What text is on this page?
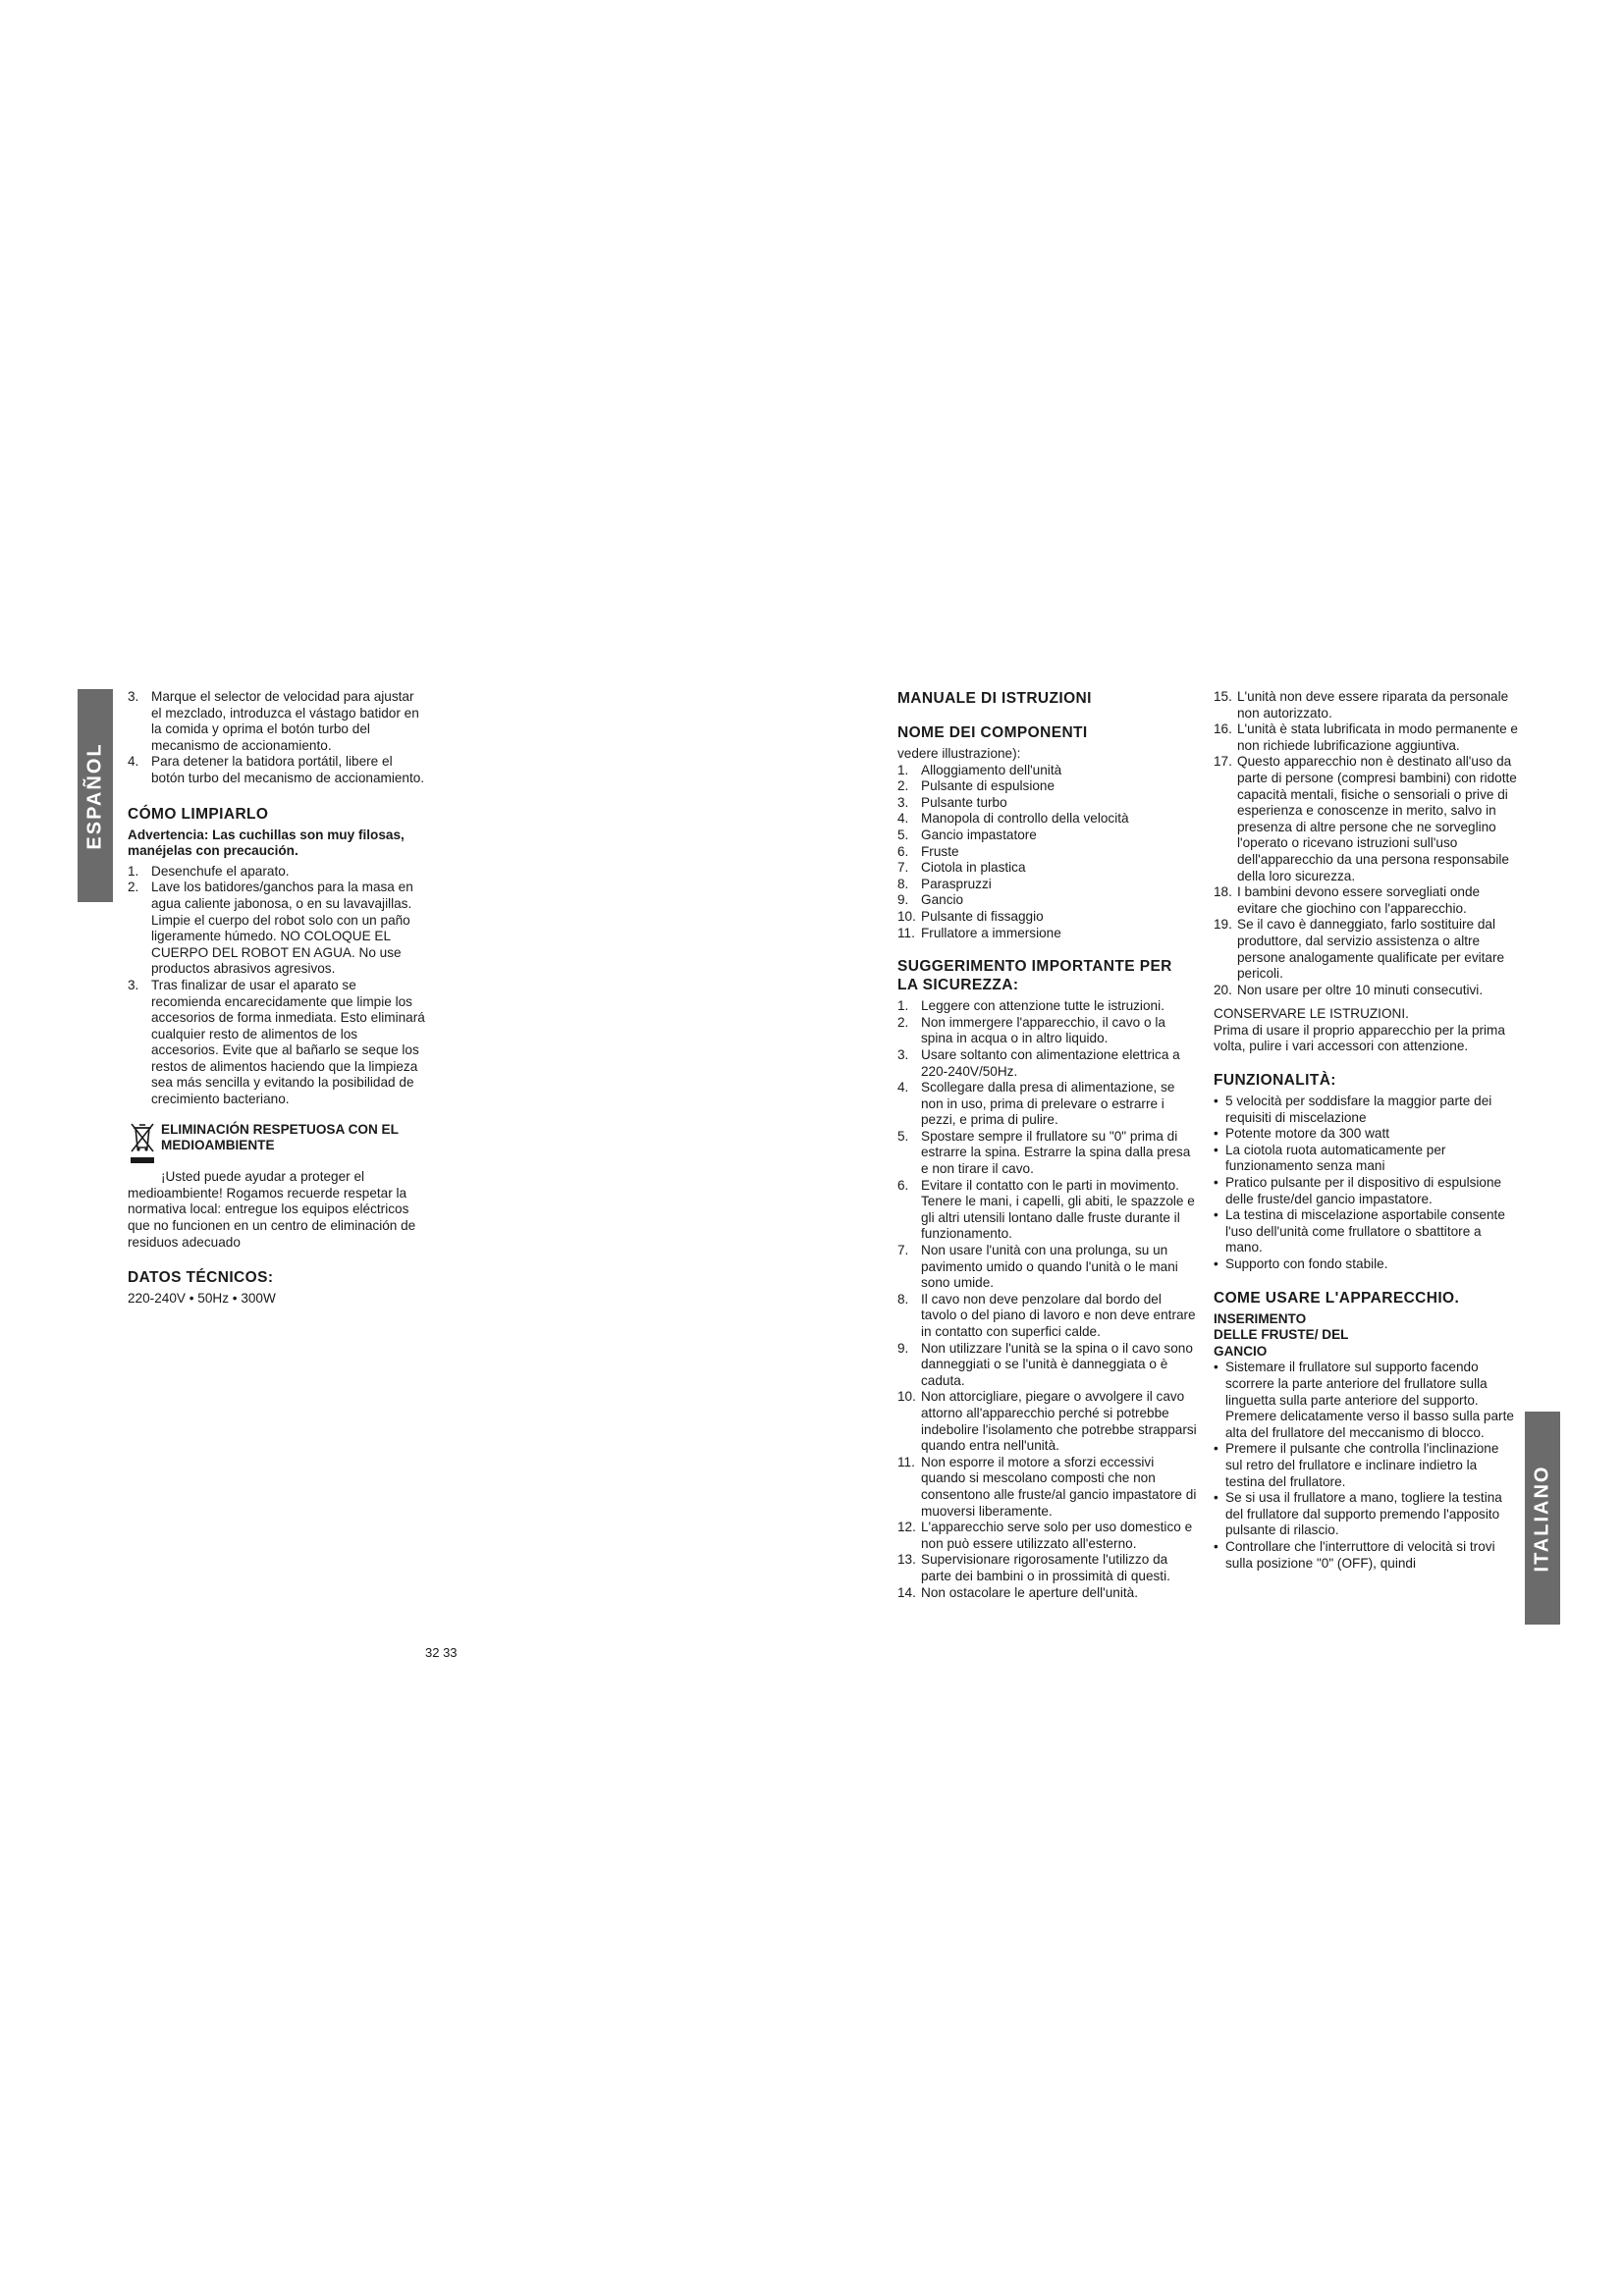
ESPAÑOL
3. Marque el selector de velocidad para ajustar el mezclado, introduzca el vástago batidor en la comida y oprima el botón turbo del mecanismo de accionamiento.
4. Para detener la batidora portátil, libere el botón turbo del mecanismo de accionamiento.
CÓMO LIMPIARLO

Advertencia: Las cuchillas son muy filosas, manéjelas con precaución.

1. Desenchufe el aparato.
2. Lave los batidores/ganchos para la masa en agua caliente jabonosa, o en su lavavajillas. Limpie el cuerpo del robot solo con un paño ligeramente húmedo. NO COLOQUE EL CUERPO DEL ROBOT EN AGUA. No use productos abrasivos agresivos.
3. Tras finalizar de usar el aparato se recomienda encarecidamente que limpie los accesorios de forma inmediata. Esto eliminará cualquier resto de alimentos de los accesorios. Evite que al bañarlo se seque los restos de alimentos haciendo que la limpieza sea más sencilla y evitando la posibilidad de crecimiento bacteriano.
ELIMINACIÓN RESPETUOSA CON EL MEDIOAMBIENTE

¡Usted puede ayudar a proteger el medioambiente! Rogamos recuerde respetar la normativa local: entregue los equipos eléctricos que no funcionen en un centro de eliminación de residuos adecuado

DATOS TÉCNICOS:

220-240V • 50Hz • 300W

32 33
MANUALE DI ISTRUZIONI
NOME DEI COMPONENTI

vedere illustrazione):

1. Alloggiamento dell'unità
2. Pulsante di espulsione
3. Pulsante turbo
4. Manopola di controllo della velocità
5. Gancio impastatore
6. Fruste
7. Ciotola in plastica
8. Paraspruzzi
9. Gancio
10. Pulsante di fissaggio
11. Frullatore a immersione
SUGGERIMENTO IMPORTANTE PER LA SICUREZZA:
1. Leggere con attenzione tutte le istruzioni.
2. Non immergere l'apparecchio, il cavo o la spina in acqua o in altro liquido.
3. Usare soltanto con alimentazione elettrica a 220-240V/50Hz.
4. Scollegare dalla presa di alimentazione, se non in uso, prima di prelevare o estrarre i pezzi, e prima di pulire.
5. Spostare sempre il frullatore su "0" prima di estrarre la spina. Estrarre la spina dalla presa e non tirare il cavo.
6. Evitare il contatto con le parti in movimento. Tenere le mani, i capelli, gli abiti, le spazzole e gli altri utensili lontano dalle fruste durante il funzionamento.
7. Non usare l'unità con una prolunga, su un pavimento umido o quando l'unità o le mani sono umide.
8. Il cavo non deve penzolare dal bordo del tavolo o del piano di lavoro e non deve entrare in contatto con superfici calde.
9. Non utilizzare l'unità se la spina o il cavo sono danneggiati o se l'unità è danneggiata o è caduta.
10. Non attorcigliare, piegare o avvolgere il cavo attorno all'apparecchio perché si potrebbe indebolire l'isolamento che potrebbe strapparsi quando entra nell'unità.
11. Non esporre il motore a sforzi eccessivi quando si mescolano composti che non consentono alle fruste/al gancio impastatore di muoversi liberamente.
12. L'apparecchio serve solo per uso domestico e non può essere utilizzato all'esterno.
13. Supervisionare rigorosamente l'utilizzo da parte dei bambini o in prossimità di questi.
14. Non ostacolare le aperture dell'unità.
15. L'unità non deve essere riparata da personale non autorizzato.
16. L'unità è stata lubrificata in modo permanente e non richiede lubrificazione aggiuntiva.
17. Questo apparecchio non è destinato all'uso da parte di persone (compresi bambini) con ridotte capacità mentali, fisiche o sensoriali o prive di esperienza e conoscenze in merito, salvo in presenza di altre persone che ne sorveglino l'operato o ricevano istruzioni sull'uso dell'apparecchio da una persona responsabile della loro sicurezza.
18. I bambini devono essere sorvegliati onde evitare che giochino con l'apparecchio.
19. Se il cavo è danneggiato, farlo sostituire dal produttore, dal servizio assistenza o altre persone analogamente qualificate per evitare pericoli.
20. Non usare per oltre 10 minuti consecutivi.

CONSERVARE LE ISTRUZIONI.

Prima di usare il proprio apparecchio per la prima volta, pulire i vari accessori con attenzione.

FUNZIONALITÀ:
• 5 velocità per soddisfare la maggior parte dei requisiti di miscelazione
• Potente motore da 300 watt
• La ciotola ruota automaticamente per funzionamento senza mani
• Pratico pulsante per il dispositivo di espulsione delle fruste/del gancio impastatore.
• La testina di miscelazione asportabile consente l'uso dell'unità come frullatore o sbattitore a mano.
• Supporto con fondo stabile.
COME USARE L'APPARECCHIO.
INSERIMENTO DELLE FRUSTE/ DEL GANCIO
• Sistemare il frullatore sul supporto facendo scorrere la parte anteriore del frullatore sulla linguetta sulla parte anteriore del supporto. Premere delicatamente verso il basso sulla parte alta del frullatore del meccanismo di blocco.
• Premere il pulsante che controlla l'inclinazione sul retro del frullatore e inclinare indietro la testina del frullatore.
• Se si usa il frullatore a mano, togliere la testina del frullatore dal supporto premendo l'apposito pulsante di rilascio.
• Controllare che l'interruttore di velocità si trovi sulla posizione "0" (OFF), quindi	ITALIANO
